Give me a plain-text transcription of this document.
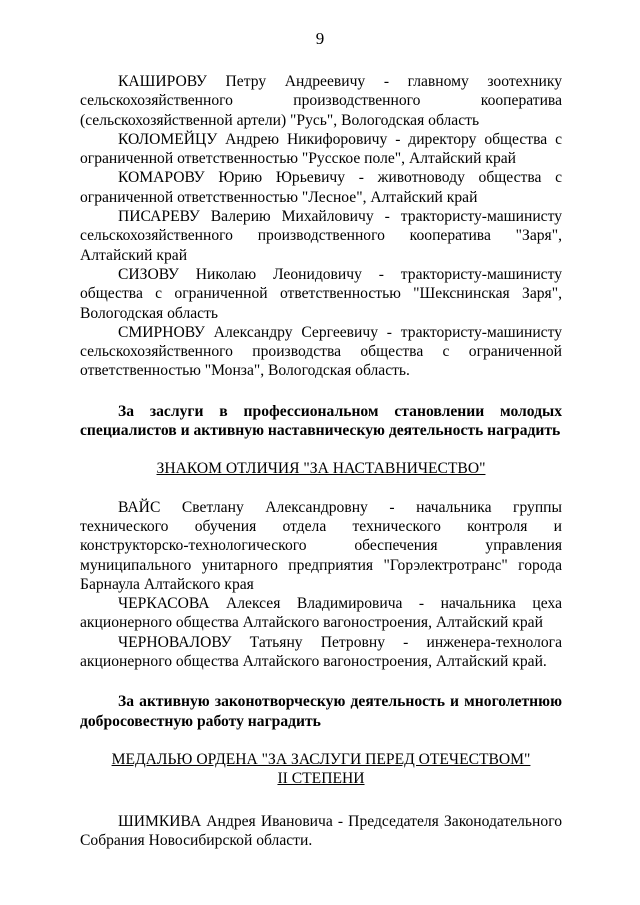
9

КАШИРОВУ Петру Андреевичу - главному зоотехнику сельскохозяйственного производственного кооператива (сельскохозяйственной артели) "Русь", Вологодская область

КОЛОМЕЙЦУ Андрею Никифоровичу - директору общества с ограниченной ответственностью "Русское поле", Алтайский край

КОМАРОВУ Юрию Юрьевичу - животноводу общества с ограниченной ответственностью "Лесное", Алтайский край

ПИСАРЕВУ Валерию Михайловичу - трактористу-машинисту сельскохозяйственного производственного кооператива "Заря", Алтайский край

СИЗОВУ Николаю Леонидовичу - трактористу-машинисту общества с ограниченной ответственностью "Шекснинская Заря", Вологодская область

СМИРНОВУ Александру Сергеевичу - трактористу-машинисту сельскохозяйственного производства общества с ограниченной ответственностью "Монза", Вологодская область.

За заслуги в профессиональном становлении молодых специалистов и активную наставническую деятельность наградить

ЗНАКОМ ОТЛИЧИЯ "ЗА НАСТАВНИЧЕСТВО"

ВАЙС Светлану Александровну - начальника группы технического обучения отдела технического контроля и конструкторско-технологического обеспечения управления муниципального унитарного предприятия "Горэлектротранс" города Барнаула Алтайского края

ЧЕРКАСОВА Алексея Владимировича - начальника цеха акционерного общества Алтайского вагоностроения, Алтайский край

ЧЕРНОВАЛОВУ Татьяну Петровну - инженера-технолога акционерного общества Алтайского вагоностроения, Алтайский край.

За активную законотворческую деятельность и многолетнюю добросовестную работу наградить

МЕДАЛЬЮ ОРДЕНА "ЗА ЗАСЛУГИ ПЕРЕД ОТЕЧЕСТВОМ"

II СТЕПЕНИ

ШИМКИВА Андрея Ивановича - Председателя Законодательного Собрания Новосибирской области.
